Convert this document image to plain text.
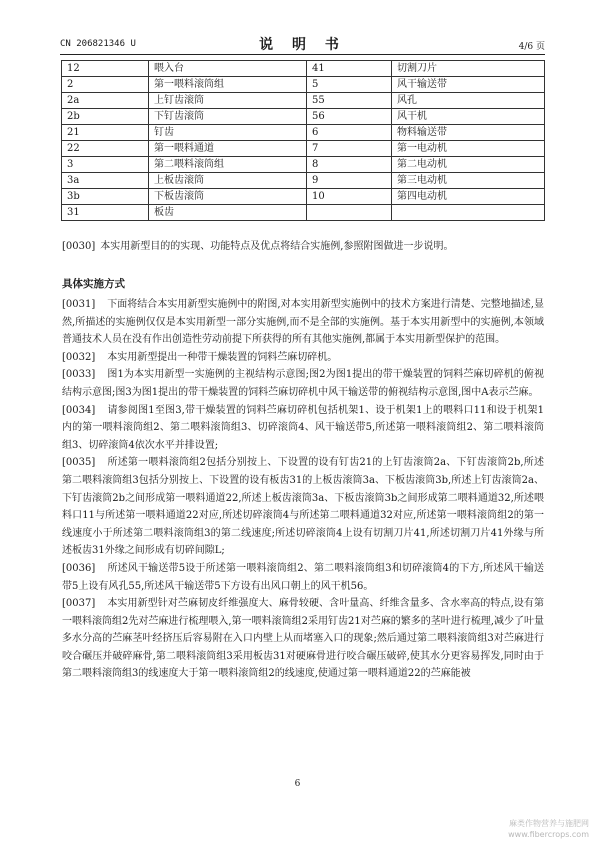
CN 206821346 U	说 明 书	4/6 页
12	喂入台	41	切割刀片
2	第一喂料滚筒组	5	风干输送带
2a	上钉齿滚筒	55	风孔
2b	下钉齿滚筒	56	风干机
21	钉齿	6	物料输送带
22	第一喂料通道	7	第一电动机
3	第二喂料滚筒组	8	第二电动机
3a	上板齿滚筒	9	第三电动机
3b	下板齿滚筒	10	第四电动机
31	板齿		

[0030] 本实用新型目的的实现、功能特点及优点将结合实施例,参照附图做进一步说明。

具体实施方式

[0031] 下面将结合本实用新型实施例中的附图,对本实用新型实施例中的技术方案进行清楚、完整地描述,显然,所描述的实施例仅仅是本实用新型一部分实施例,而不是全部的实施例。基于本实用新型中的实施例,本领域普通技术人员在没有作出创造性劳动前提下所获得的所有其他实施例,都属于本实用新型保护的范围。

[0032] 本实用新型提出一种带干燥装置的饲料苎麻切碎机。

[0033] 图1为本实用新型一实施例的主视结构示意图;图2为图1提出的带干燥装置的饲料苎麻切碎机的俯视结构示意图;图3为图1提出的带干燥装置的饲料苎麻切碎机中风干输送带的俯视结构示意图,图中A表示苎麻。

[0034] 请参阅图1至图3,带干燥装置的饲料苎麻切碎机包括机架1、设于机架1上的喂料口11和设于机架1内的第一喂料滚筒组2、第二喂料滚筒组3、切碎滚筒4、风干输送带5,所述第一喂料滚筒组2、第二喂料滚筒组3、切碎滚筒4依次水平并排设置;

[0035] 所述第一喂料滚筒组2包括分别按上、下设置的设有钉齿21的上钉齿滚筒2a、下钉齿滚筒2b,所述第二喂料滚筒组3包括分别按上、下设置的设有板齿31的上板齿滚筒3a、下板齿滚筒3b,所述上钉齿滚筒2a、下钉齿滚筒2b之间形成第一喂料通道22,所述上板齿滚筒3a、下板齿滚筒3b之间形成第二喂料通道32,所述喂料口11与所述第一喂料通道22对应,所述切碎滚筒4与所述第二喂料通道32对应,所述第一喂料滚筒组2的第一线速度小于所述第二喂料滚筒组3的第二线速度;所述切碎滚筒4上设有切割刀片41,所述切割刀片41外缘与所述板齿31外缘之间形成有切碎间隙L;

[0036] 所述风干输送带5设于所述第一喂料滚筒组2、第二喂料滚筒组3和切碎滚筒4的下方,所述风干输送带5上设有风孔55,所述风干输送带5下方设有出风口朝上的风干机56。

[0037] 本实用新型针对苎麻韧皮纤维强度大、麻骨较硬、含叶量高、纤维含量多、含水率高的特点,设有第一喂料滚筒组2先对苎麻进行梳理喂入,第一喂料滚筒组2采用钉齿21对苎麻的繁多的茎叶进行梳理,减少了叶量多水分高的苎麻茎叶经挤压后容易附在入口内壁上从而堵塞入口的现象;然后通过第二喂料滚筒组3对苎麻进行咬合碾压并破碎麻骨,第二喂料滚筒组3采用板齿31对硬麻骨进行咬合碾压破碎,使其水分更容易挥发,同时由于第二喂料滚筒组3的线速度大于第一喂料滚筒组2的线速度,使通过第一喂料通道22的苎麻能被

6
麻类作物营养与施肥网
www.fibercrops.com
